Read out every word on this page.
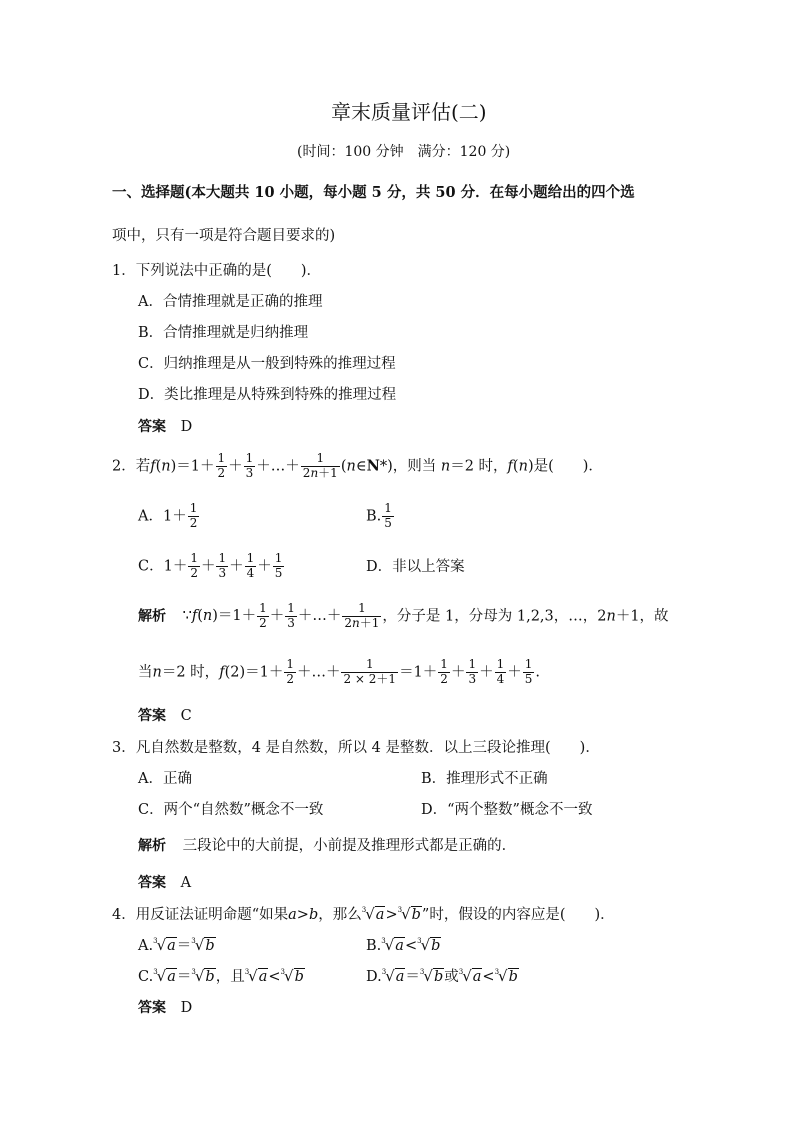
章末质量评估(二)
(时间：100 分钟　满分：120 分)
一、选择题(本大题共 10 小题，每小题 5 分，共 50 分．在每小题给出的四个选
项中，只有一项是符合题目要求的)
1．下列说法中正确的是(　　)．
A．合情推理就是正确的推理
B．合情推理就是归纳推理
C．归纳推理是从一般到特殊的推理过程
D．类比推理是从特殊到特殊的推理过程
答案 D
2．若$f(n)=1+ \frac{1}{2} + \frac{1}{3}$ ＋…＋ $\frac{1}{2n+1}$ (n∈N*)，则当 n＝2 时，f(n)是(　　)．
A．$1+ \frac{1}{2}$	B. $\frac{1}{5}$
C．$1+ \frac{1}{2} + \frac{1}{3} + \frac{1}{4} + \frac{1}{5}$	D．非以上答案
解析 ∵f(n)＝1＋ $\frac{1}{2} + \frac{1}{3}$ ＋…＋ $\frac{1}{2n+1}$ ，分子是 1，分母为 1,2,3，…，2n＋1，故
当n＝2 时，$f(2)=1+ \frac{1}{2}$ ＋…＋ $\frac{1}{2 \times 2+1} =1+ \frac{1}{2} + \frac{1}{3} + \frac{1}{4} + \frac{1}{5}$ .
答案 C
3．凡自然数是整数，4 是自然数，所以 4 是整数．以上三段论推理(　　)．
A．正确	B．推理形式不正确
C．两个“自然数”概念不一致	D．“两个整数”概念不一致
解析 三段论中的大前提，小前提及推理形式都是正确的．
答案 A
4．用反证法证明命题“如果a>b，那么$^3$√a>$^3$√b”时，假设的内容应是(　　)．
A.$^3$√a＝$^3$√b	B.$^3$√a<$^3$√b
C.$^3$√a＝$^3$√b，且$^3$√a<$^3$√b	D.$^3$√a＝$^3$√b或$^3$√a<$^3$√b
答案 D
